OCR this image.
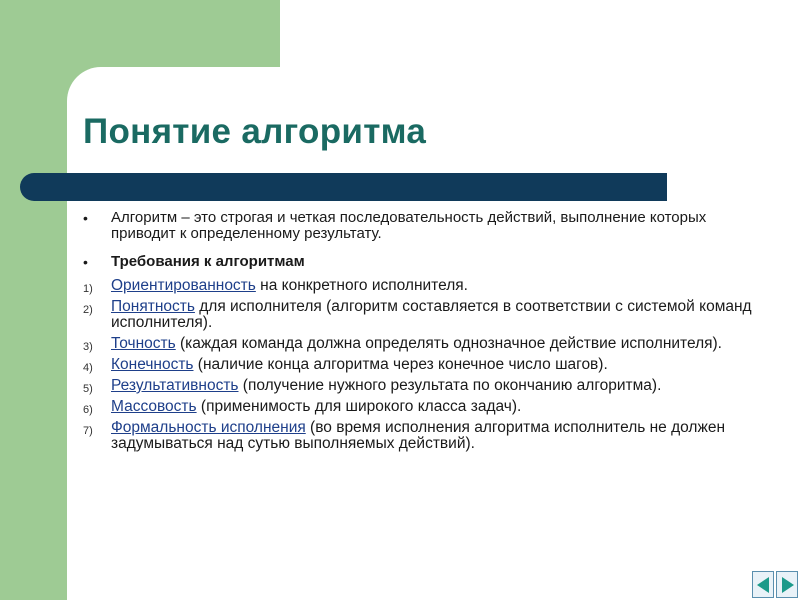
Понятие алгоритма
• Алгоритм – это строгая и четкая последовательность действий, выполнение которых приводит к определенному результату.
• Требования к алгоритмам
1) Ориентированность на конкретного исполнителя.
2) Понятность для исполнителя (алгоритм составляется в соответствии с системой команд исполнителя).
3) Точность (каждая команда должна определять однозначное действие исполнителя).
4) Конечность (наличие конца алгоритма через конечное число шагов).
5) Результативность (получение нужного результата по окончанию алгоритма).
6) Массовость (применимость для широкого класса задач).
7) Формальность исполнения (во время исполнения алгоритма исполнитель не должен задумываться над сутью выполняемых действий).
